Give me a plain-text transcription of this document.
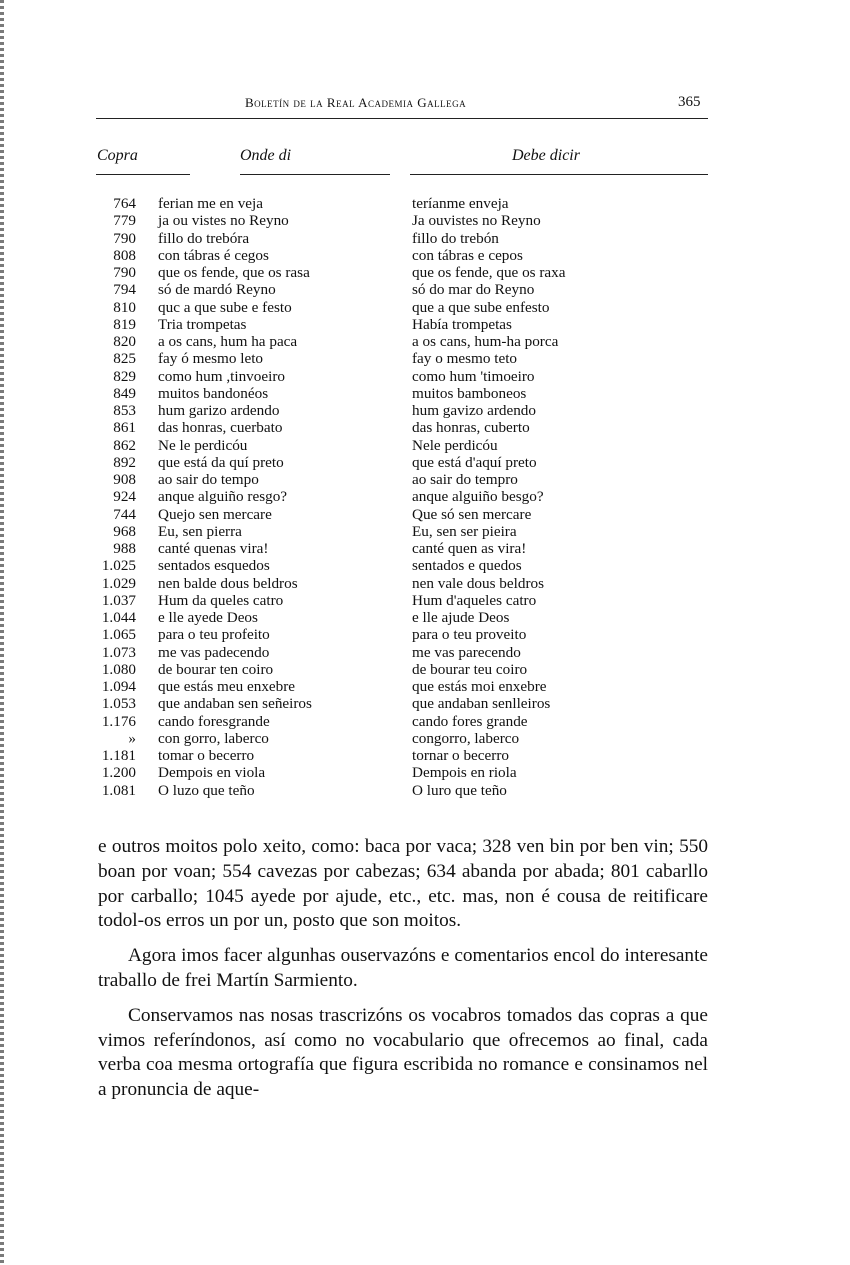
Boletín de la Real Academia Gallega	365
Copra	Onde di	Debe dicir
764	ferian me en veja	teríanme enveja
779	ja ou vistes no Reyno	Ja ouvistes no Reyno
790	fillo do trebóra	fillo do trebón
808	con tábras é cegos	con tábras e cepos
790	que os fende, que os rasa	que os fende, que os raxa
794	só de mardó Reyno	só do mar do Reyno
810	quc a que sube e festo	que a que sube enfesto
819	Tria trompetas	Había trompetas
820	a os cans, hum ha paca	a os cans, hum-ha porca
825	fay ó mesmo leto	fay o mesmo teto
829	como hum ,tinvoeiro	como hum 'timoeiro
849	muitos bandonéos	muitos bamboneos
853	hum garizo ardendo	hum gavizo ardendo
861	das honras, cuerbato	das honras, cuberto
862	Ne le perdicóu	Nele perdicóu
892	que está da quí preto	que está d'aquí preto
908	ao sair do tempo	ao sair do tempro
924	anque alguiño resgo?	anque alguiño besgo?
744	Quejo sen mercare	Que só sen mercare
968	Eu, sen pierra	Eu, sen ser pieira
988	canté quenas vira!	canté quen as vira!
1.025	sentados esquedos	sentados e quedos
1.029	nen balde dous beldros	nen vale dous beldros
1.037	Hum da queles catro	Hum d'aqueles catro
1.044	e lle ayede Deos	e lle ajude Deos
1.065	para o teu profeito	para o teu proveito
1.073	me vas padecendo	me vas parecendo
1.080	de bourar ten coiro	de bourar teu coiro
1.094	que estás meu enxebre	que estás moi enxebre
1.053	que andaban sen señeiros	que andaban senlleiros
1.176	cando foresgrande	cando fores grande
»	con gorro, laberco	congorro, laberco
1.181	tomar o becerro	tornar o becerro
1.200	Dempois en viola	Dempois en riola
1.081	O luzo que teño	O luro que teño

e outros moitos polo xeito, como: baca por vaca; 328 ven bin por ben vin; 550 boan por voan; 554 cavezas por cabezas; 634 abanda por abada; 801 cabarllo por carballo; 1045 ayede por ajude, etc., etc. mas, non é cousa de reitificare todol-os erros un por un, posto que son moitos.

Agora imos facer algunhas ouservazóns e comentarios encol do interesante traballo de frei Martín Sarmiento.

Conservamos nas nosas trascrizóns os vocabros tomados das copras a que vimos referíndonos, así como no vocabulario que ofrecemos ao final, cada verba coa mesma ortografía que figura escribida no romance e consinamos nel a pronuncia de aque-
